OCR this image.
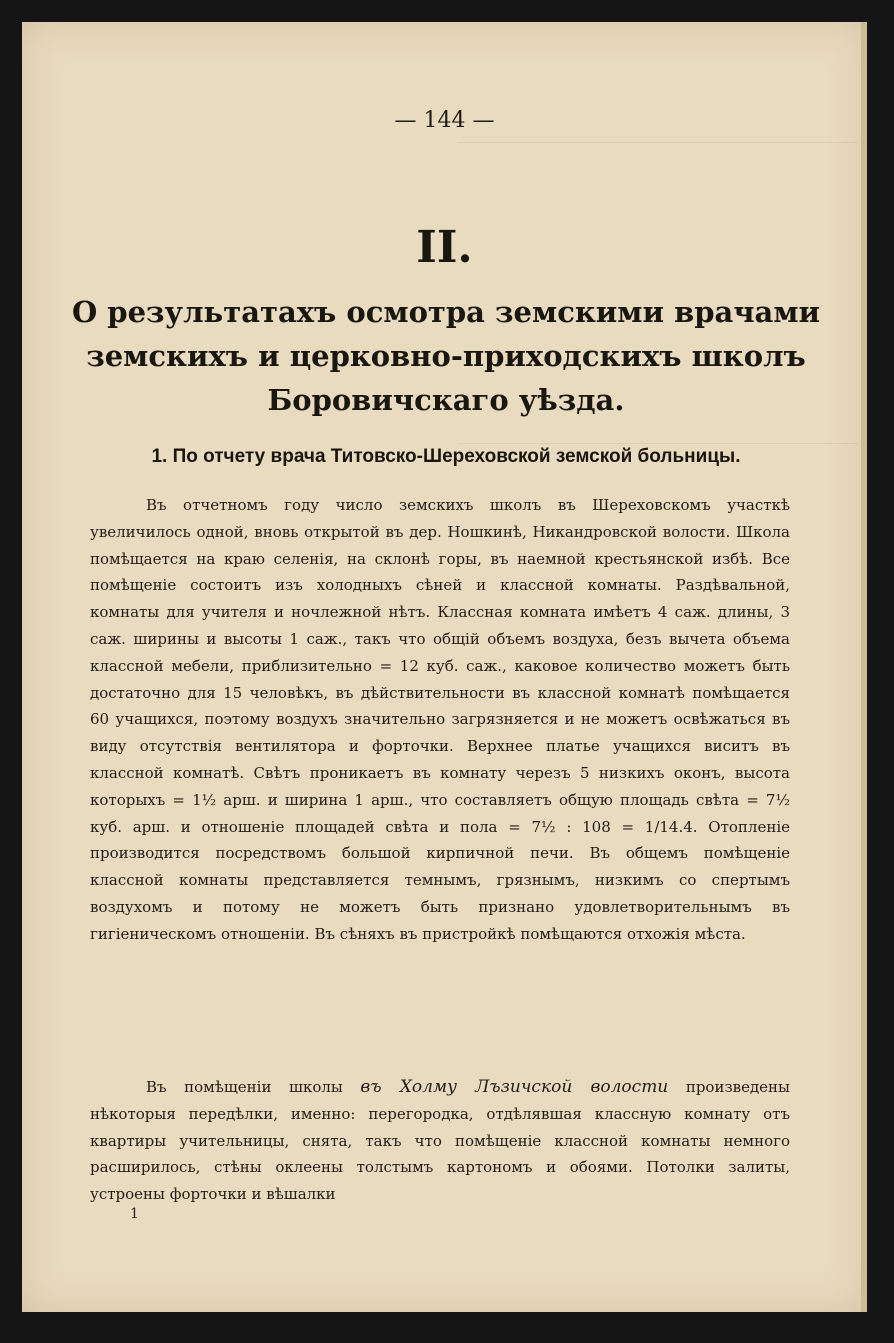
— 144 —
II.
О результатахъ осмотра земскими врачами земскихъ и церковно-приходскихъ школъ Боровичскаго уѣзда.
1. По отчету врача Титовско-Шереховской земской больницы.

Въ отчетномъ году число земскихъ школъ въ Шереховскомъ участкѣ увеличилось одной, вновь открытой въ дер. Ношкинѣ, Никандровской волости. Школа помѣщается на краю селенія, на склонѣ горы, въ наемной крестьянской избѣ. Все помѣщеніе состоитъ изъ холодныхъ сѣней и классной комнаты. Раздѣвальной, комнаты для учителя и ночлежной нѣтъ. Классная комната имѣетъ 4 саж. длины, 3 саж. ширины и высоты 1 саж., такъ что общій объемъ воздуха, безъ вычета объема классной мебели, приблизительно = 12 куб. саж., каковое количество можетъ быть достаточно для 15 человѣкъ, въ дѣйствительности въ классной комнатѣ помѣщается 60 учащихся, поэтому воздухъ значительно загрязняется и не можетъ освѣжаться въ виду отсутствія вентилятора и форточки. Верхнее платье учащихся виситъ въ классной комнатѣ. Свѣтъ проникаетъ въ комнату черезъ 5 низкихъ оконъ, высота которыхъ = 1½ арш. и ширина 1 арш., что составляетъ общую площадь свѣта = 7½ куб. арш. и отношеніе площадей свѣта и пола = 7½ : 108 = 1/14.4. Отопленіе производится посредствомъ большой кирпичной печи. Въ общемъ помѣщеніе классной комнаты представляется темнымъ, грязнымъ, низкимъ со спертымъ воздухомъ и потому не можетъ быть признано удовлетворительнымъ въ гигіеническомъ отношеніи. Въ сѣняхъ въ пристройкѣ помѣщаются отхожія мѣста.

Въ помѣщеніи школы въ Холму Лъзичской волости произведены нѣкоторыя передѣлки, именно: перегородка, отдѣлявшая классную комнату отъ квартиры учительницы, снята, такъ что помѣщеніе классной комнаты немного расширилось, стѣны оклеены толстымъ картономъ и обоями. Потолки залиты, устроены форточки и вѣшалки

1
